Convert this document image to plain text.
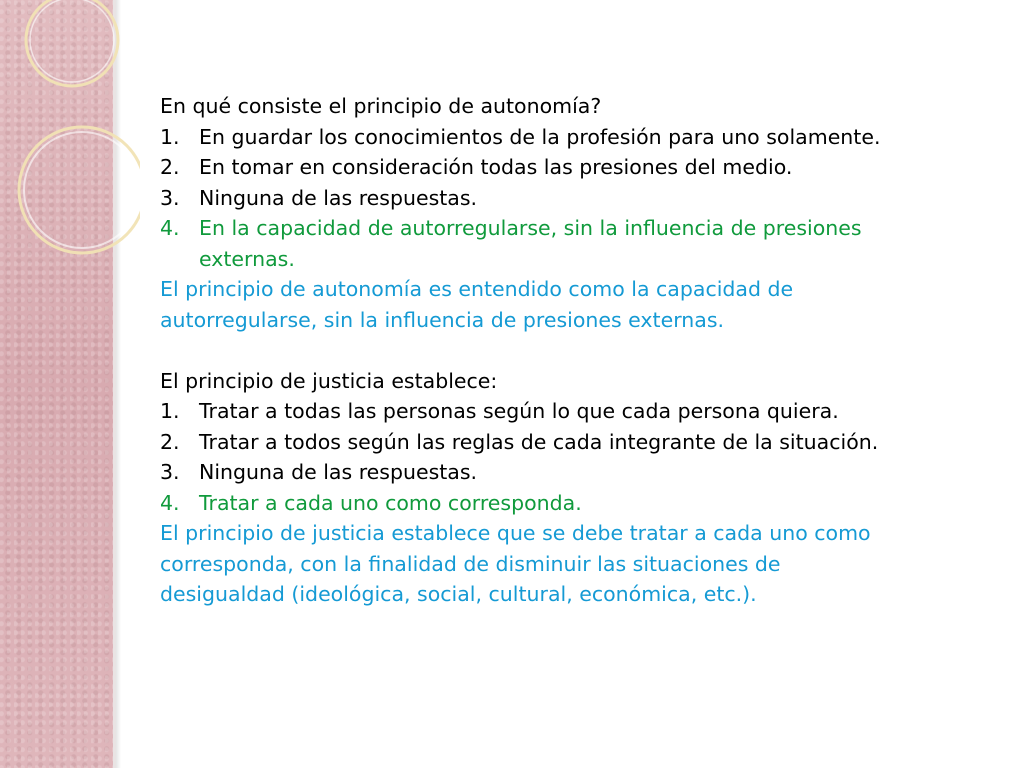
En qué consiste el principio de autonomía?

1. En guardar los conocimientos de la profesión para uno solamente.
2. En tomar en consideración todas las presiones del medio.
3. Ninguna de las respuestas.
4. En la capacidad de autorregularse, sin la influencia de presiones externas.

El principio de autonomía es entendido como la capacidad de autorregularse, sin la influencia de presiones externas.

El principio de justicia establece:

1. Tratar a todas las personas según lo que cada persona quiera.
2. Tratar a todos según las reglas de cada integrante de la situación.
3. Ninguna de las respuestas.
4. Tratar a cada uno como corresponda.

El principio de justicia establece que se debe tratar a cada uno como corresponda, con la finalidad de disminuir las situaciones de desigualdad (ideológica, social, cultural, económica, etc.).
